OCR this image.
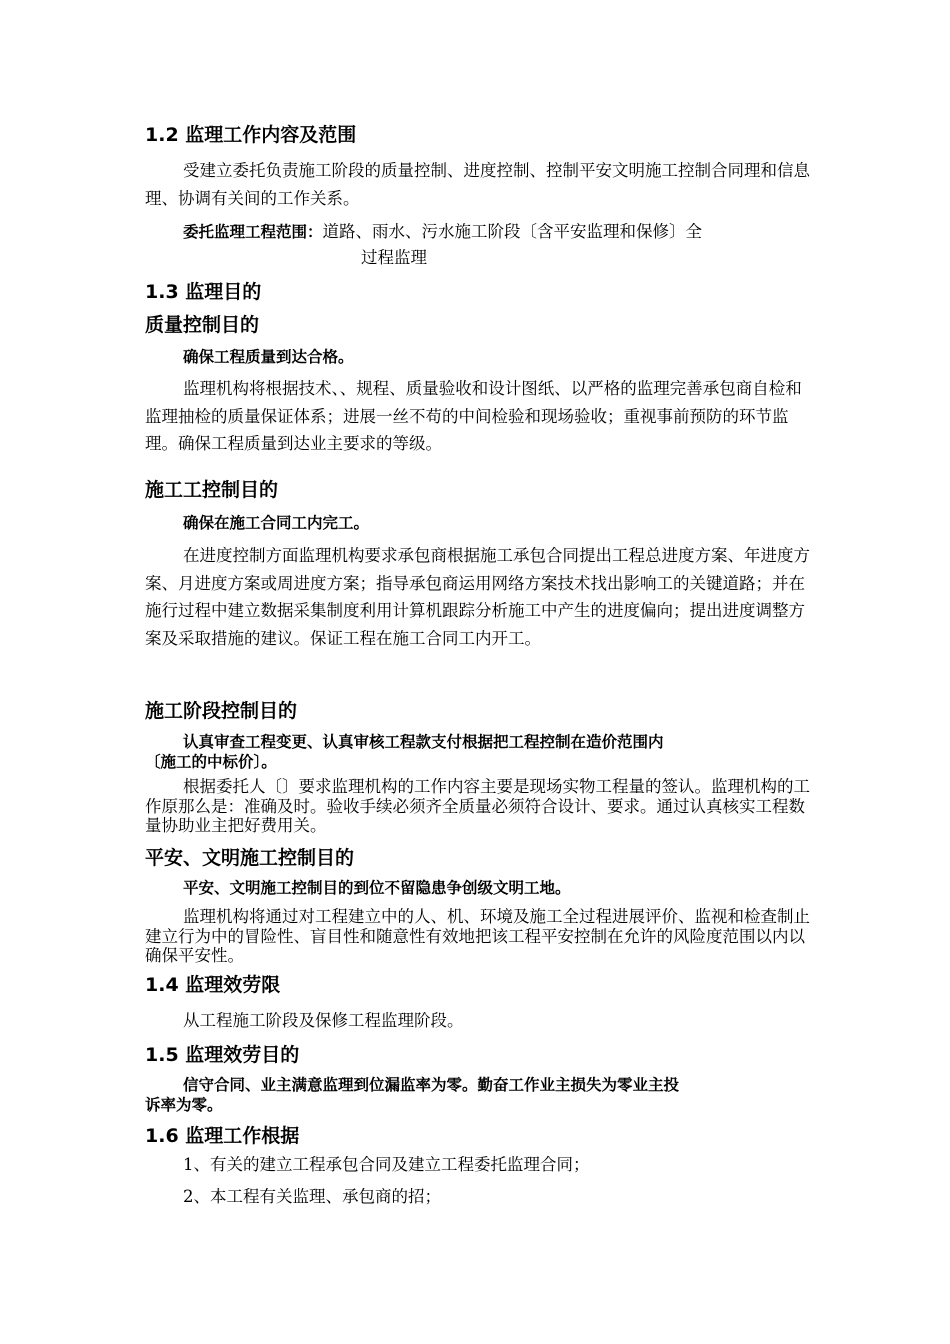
1.2 监理工作内容及范围

受建立委托负责施工阶段的质量控制、进度控制、控制平安文明施工控制合同理和信息理、协调有关间的工作关系。

委托监理工程范围：道路、雨水、污水施工阶段〔含平安监理和保修〕全
过程监理
1.3 监理目的
质量控制目的
确保工程质量到达合格。

监理机构将根据技术、、规程、质量验收和设计图纸、以严格的监理完善承包商自检和监理抽检的质量保证体系；进展一丝不苟的中间检验和现场验收；重视事前预防的环节监理。确保工程质量到达业主要求的等级。

施工工控制目的
确保在施工合同工内完工。

在进度控制方面监理机构要求承包商根据施工承包合同提出工程总进度方案、年进度方案、月进度方案或周进度方案；指导承包商运用网络方案技术找出影响工的关键道路；并在施行过程中建立数据采集制度利用计算机跟踪分析施工中产生的进度偏向；提出进度调整方案及采取措施的建议。保证工程在施工合同工内开工。

施工阶段控制目的
认真审查工程变更、认真审核工程款支付根据把工程控制在造价范围内
〔施工的中标价〕。

根据委托人〔〕要求监理机构的工作内容主要是现场实物工程量的签认。监理机构的工作原那么是：准确及时。验收手续必须齐全质量必须符合设计、要求。通过认真核实工程数量协助业主把好费用关。

平安、文明施工控制目的
平安、文明施工控制目的到位不留隐患争创级文明工地。

监理机构将通过对工程建立中的人、机、环境及施工全过程进展评价、监视和检查制止建立行为中的冒险性、盲目性和随意性有效地把该工程平安控制在允许的风险度范围以内以确保平安性。

1.4 监理效劳限

从工程施工阶段及保修工程监理阶段。

1.5 监理效劳目的
信守合同、业主满意监理到位漏监率为零。勤奋工作业主损失为零业主投
诉率为零。
1.6 监理工作根据

1、有关的建立工程承包合同及建立工程委托监理合同；

2、本工程有关监理、承包商的招；
